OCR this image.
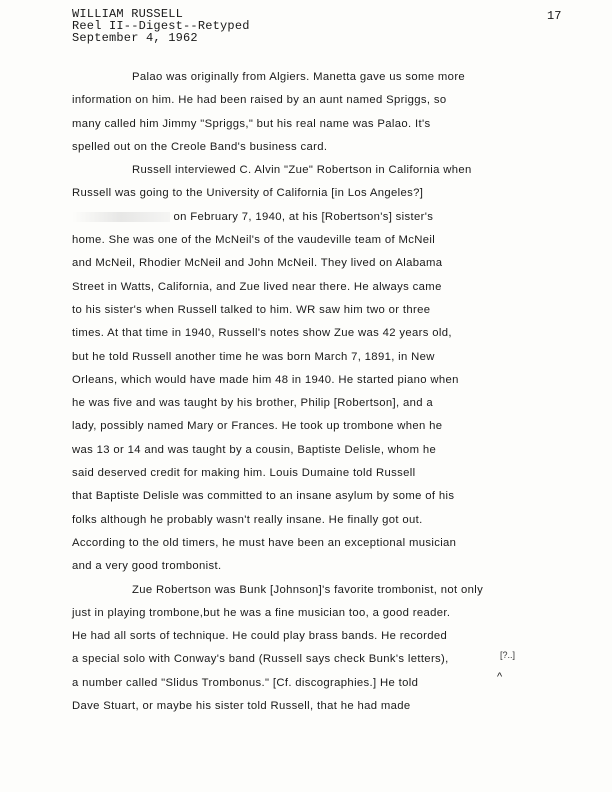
WILLIAM RUSSELL
Reel II--Digest--Retyped
September 4, 1962
17
Palao was originally from Algiers. Manetta gave us some more
information on him. He had been raised by an aunt named Spriggs, so
many called him Jimmy "Spriggs," but his real name was Palao. It's
spelled out on the Creole Band's business card.
Russell interviewed C. Alvin "Zue" Robertson in California when
Russell was going to the University of California [in Los Angeles?]
on February 7, 1940, at his [Robertson's] sister's
home. She was one of the McNeil's of the vaudeville team of McNeil
and McNeil, Rhodier McNeil and John McNeil. They lived on Alabama
Street in Watts, California, and Zue lived near there. He always came
to his sister's when Russell talked to him. WR saw him two or three
times. At that time in 1940, Russell's notes show Zue was 42 years old,
but he told Russell another time he was born March 7, 1891, in New
Orleans, which would have made him 48 in 1940. He started piano when
he was five and was taught by his brother, Philip [Robertson], and a
lady, possibly named Mary or Frances. He took up trombone when he
was 13 or 14 and was taught by a cousin, Baptiste Delisle, whom he
said deserved credit for making him. Louis Dumaine told Russell
that Baptiste Delisle was committed to an insane asylum by some of his
folks although he probably wasn't really insane. He finally got out.
According to the old timers, he must have been an exceptional musician
and a very good trombonist.
Zue Robertson was Bunk [Johnson]'s favorite trombonist, not only
just in playing trombone,but he was a fine musician too, a good reader.
He had all sorts of technique. He could play brass bands. He recorded
a special solo with Conway's band (Russell says check Bunk's letters),
a number called "Slidus Trombonus." [Cf. discographies.] He told
Dave Stuart, or maybe his sister told Russell, that he had made
[?..]
^
